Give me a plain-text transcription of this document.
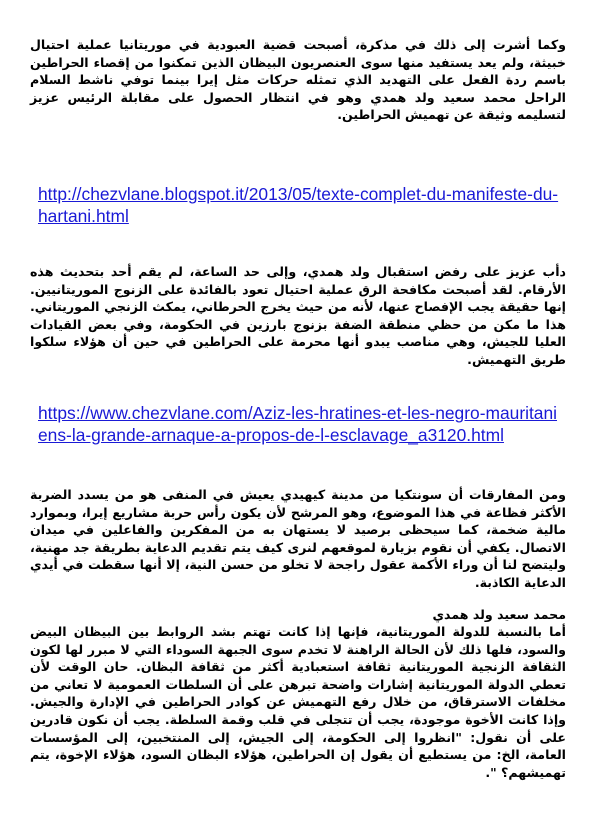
وكما أشرت إلى ذلك في مذكرة، أصبحت قضية العبودية في موريتانيا عملية احتيال خبيثة، ولم يعد يستفيد منها سوى العنصريون البيظان الذين تمكنوا من إقصاء الحراطين باسم ردة الفعل على التهديد الذي تمثله حركات مثل إيرا بينما توفي ناشط السلام الراحل محمد سعيد ولد همدي وهو في انتظار الحصول على مقابلة الرئيس عزيز لتسليمه وثيقة عن تهميش الحراطين.

http://chezvlane.blogspot.it/2013/05/texte-complet-du-manifeste-du-hartani.html

دأب عزيز على رفض استقبال ولد همدي، وإلى حد الساعة، لم يقم أحد بتحديث هذه الأرقام. لقد أصبحت مكافحة الرق عملية احتيال تعود بالفائدة على الزنوج الموريتانيين. إنها حقيقة يجب الإفصاح عنها، لأنه من حيث يخرج الحرطاني، يمكث الزنجي الموريتاني. هذا ما مكن من حظي منطقة الضفة بزنوج بارزين في الحكومة، وفي بعض القيادات العليا للجيش، وهي مناصب يبدو أنها محرمة على الحراطين في حين أن هؤلاء سلكوا طريق التهميش.

https://www.chezvlane.com/Aziz-les-hratines-et-les-negro-mauritaniens-la-grande-arnaque-a-propos-de-l-esclavage_a3120.html

ومن المفارقات أن سونتكيا من مدينة كيهيدي يعيش في المنفى هو من يسدد الضربة الأكثر فظاعة في هذا الموضوع، وهو المرشح لأن يكون رأس حربة مشاريع إيرا، وبموارد مالية ضخمة، كما سيحظى برصيد لا يستهان به من المفكرين والفاعلين في ميدان الاتصال. يكفي أن نقوم بزيارة لموقعهم لنرى كيف يتم تقديم الدعاية بطريقة جد مهنية، وليتضح لنا أن وراء الأكمة عقول راجحة لا تخلو من حسن النية، إلا أنها سقطت في أيدي الدعاية الكاذبة.

محمد سعيد ولد همدي

أما بالنسبة للدولة الموريتانية، فإنها إذا كانت تهتم بشد الروابط بين البيظان البيض والسود، فلها ذلك لأن الحالة الراهنة لا تخدم سوى الجبهة السوداء التي لا مبرر لها لكون الثقافة الزنجية الموريتانية ثقافة استعبادية أكثر من ثقافة البظان. حان الوقت لأن تعطي الدولة الموريتانية إشارات واضحة تبرهن على أن السلطات العمومية لا تعاني من مخلفات الاسترقاق، من خلال رفع التهميش عن كوادر الحراطين في الإدارة والجيش. وإذا كانت الأخوة موجودة، يجب أن تتجلى في قلب وقمة السلطة. يجب أن نكون قادرين على أن نقول: "انظروا إلى الحكومة، إلى الجيش، إلى المنتخبين، إلى المؤسسات العامة، الخ: من يستطيع أن يقول إن الحراطين، هؤلاء البظان السود، هؤلاء الإخوة، يتم تهميشهم؟ ".
